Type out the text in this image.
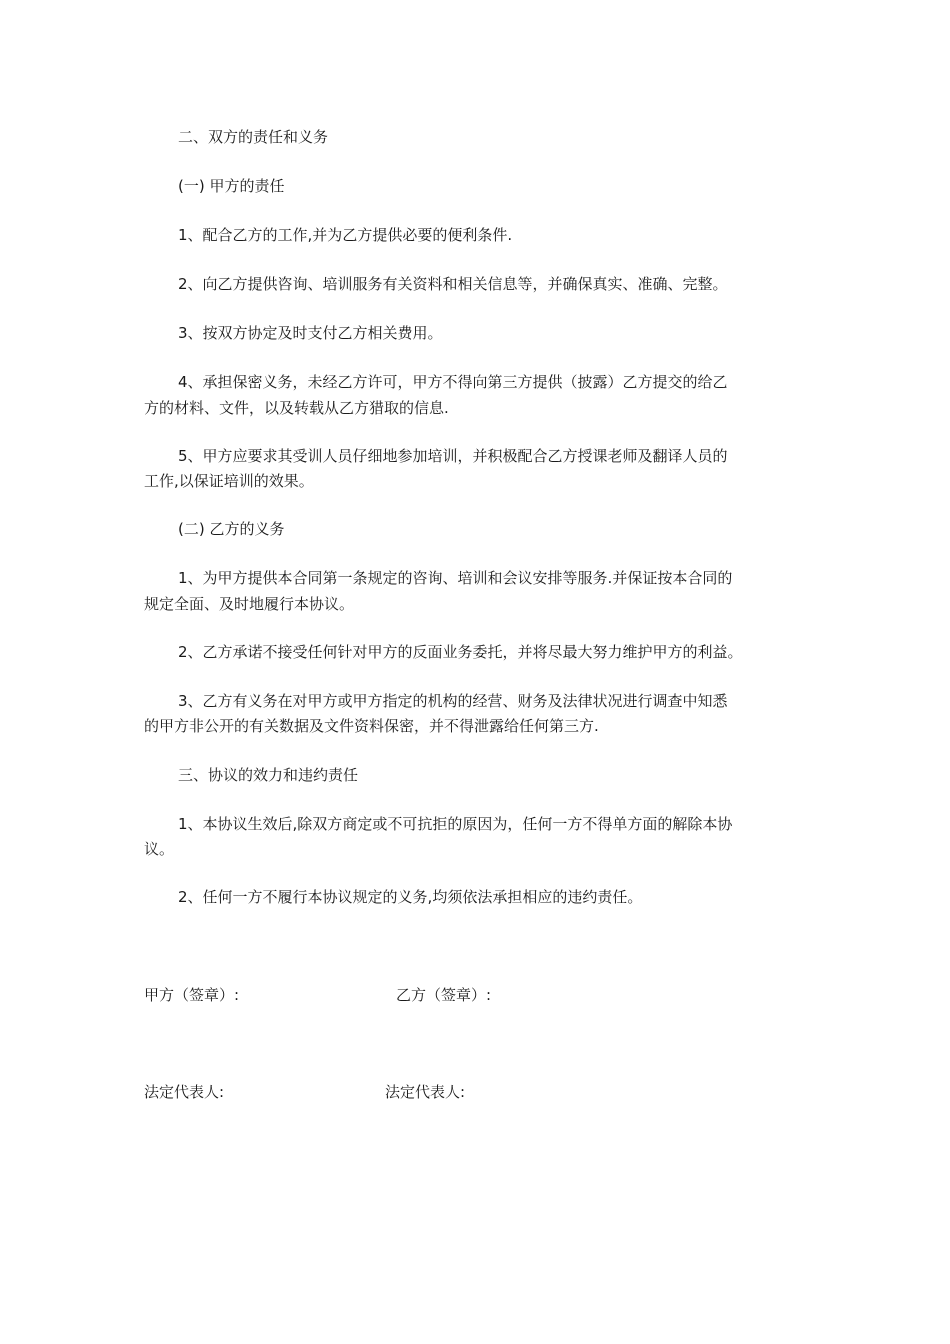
二、双方的责任和义务
(一) 甲方的责任
1、配合乙方的工作,并为乙方提供必要的便利条件.
2、向乙方提供咨询、培训服务有关资料和相关信息等，并确保真实、准确、完整。
3、按双方协定及时支付乙方相关费用。
4、承担保密义务，未经乙方许可，甲方不得向第三方提供（披露）乙方提交的给乙
方的材料、文件，以及转载从乙方猎取的信息.
5、甲方应要求其受训人员仔细地参加培训，并积极配合乙方授课老师及翻译人员的
工作,以保证培训的效果。
(二) 乙方的义务
1、为甲方提供本合同第一条规定的咨询、培训和会议安排等服务.并保证按本合同的
规定全面、及时地履行本协议。
2、乙方承诺不接受任何针对甲方的反面业务委托，并将尽最大努力维护甲方的利益。
3、乙方有义务在对甲方或甲方指定的机构的经营、财务及法律状况进行调查中知悉
的甲方非公开的有关数据及文件资料保密，并不得泄露给任何第三方.
三、协议的效力和违约责任
1、本协议生效后,除双方商定或不可抗拒的原因为，任何一方不得单方面的解除本协
议。
2、任何一方不履行本协议规定的义务,均须依法承担相应的违约责任。
甲方（签章）:	乙方（签章）:
法定代表人:	法定代表人:
